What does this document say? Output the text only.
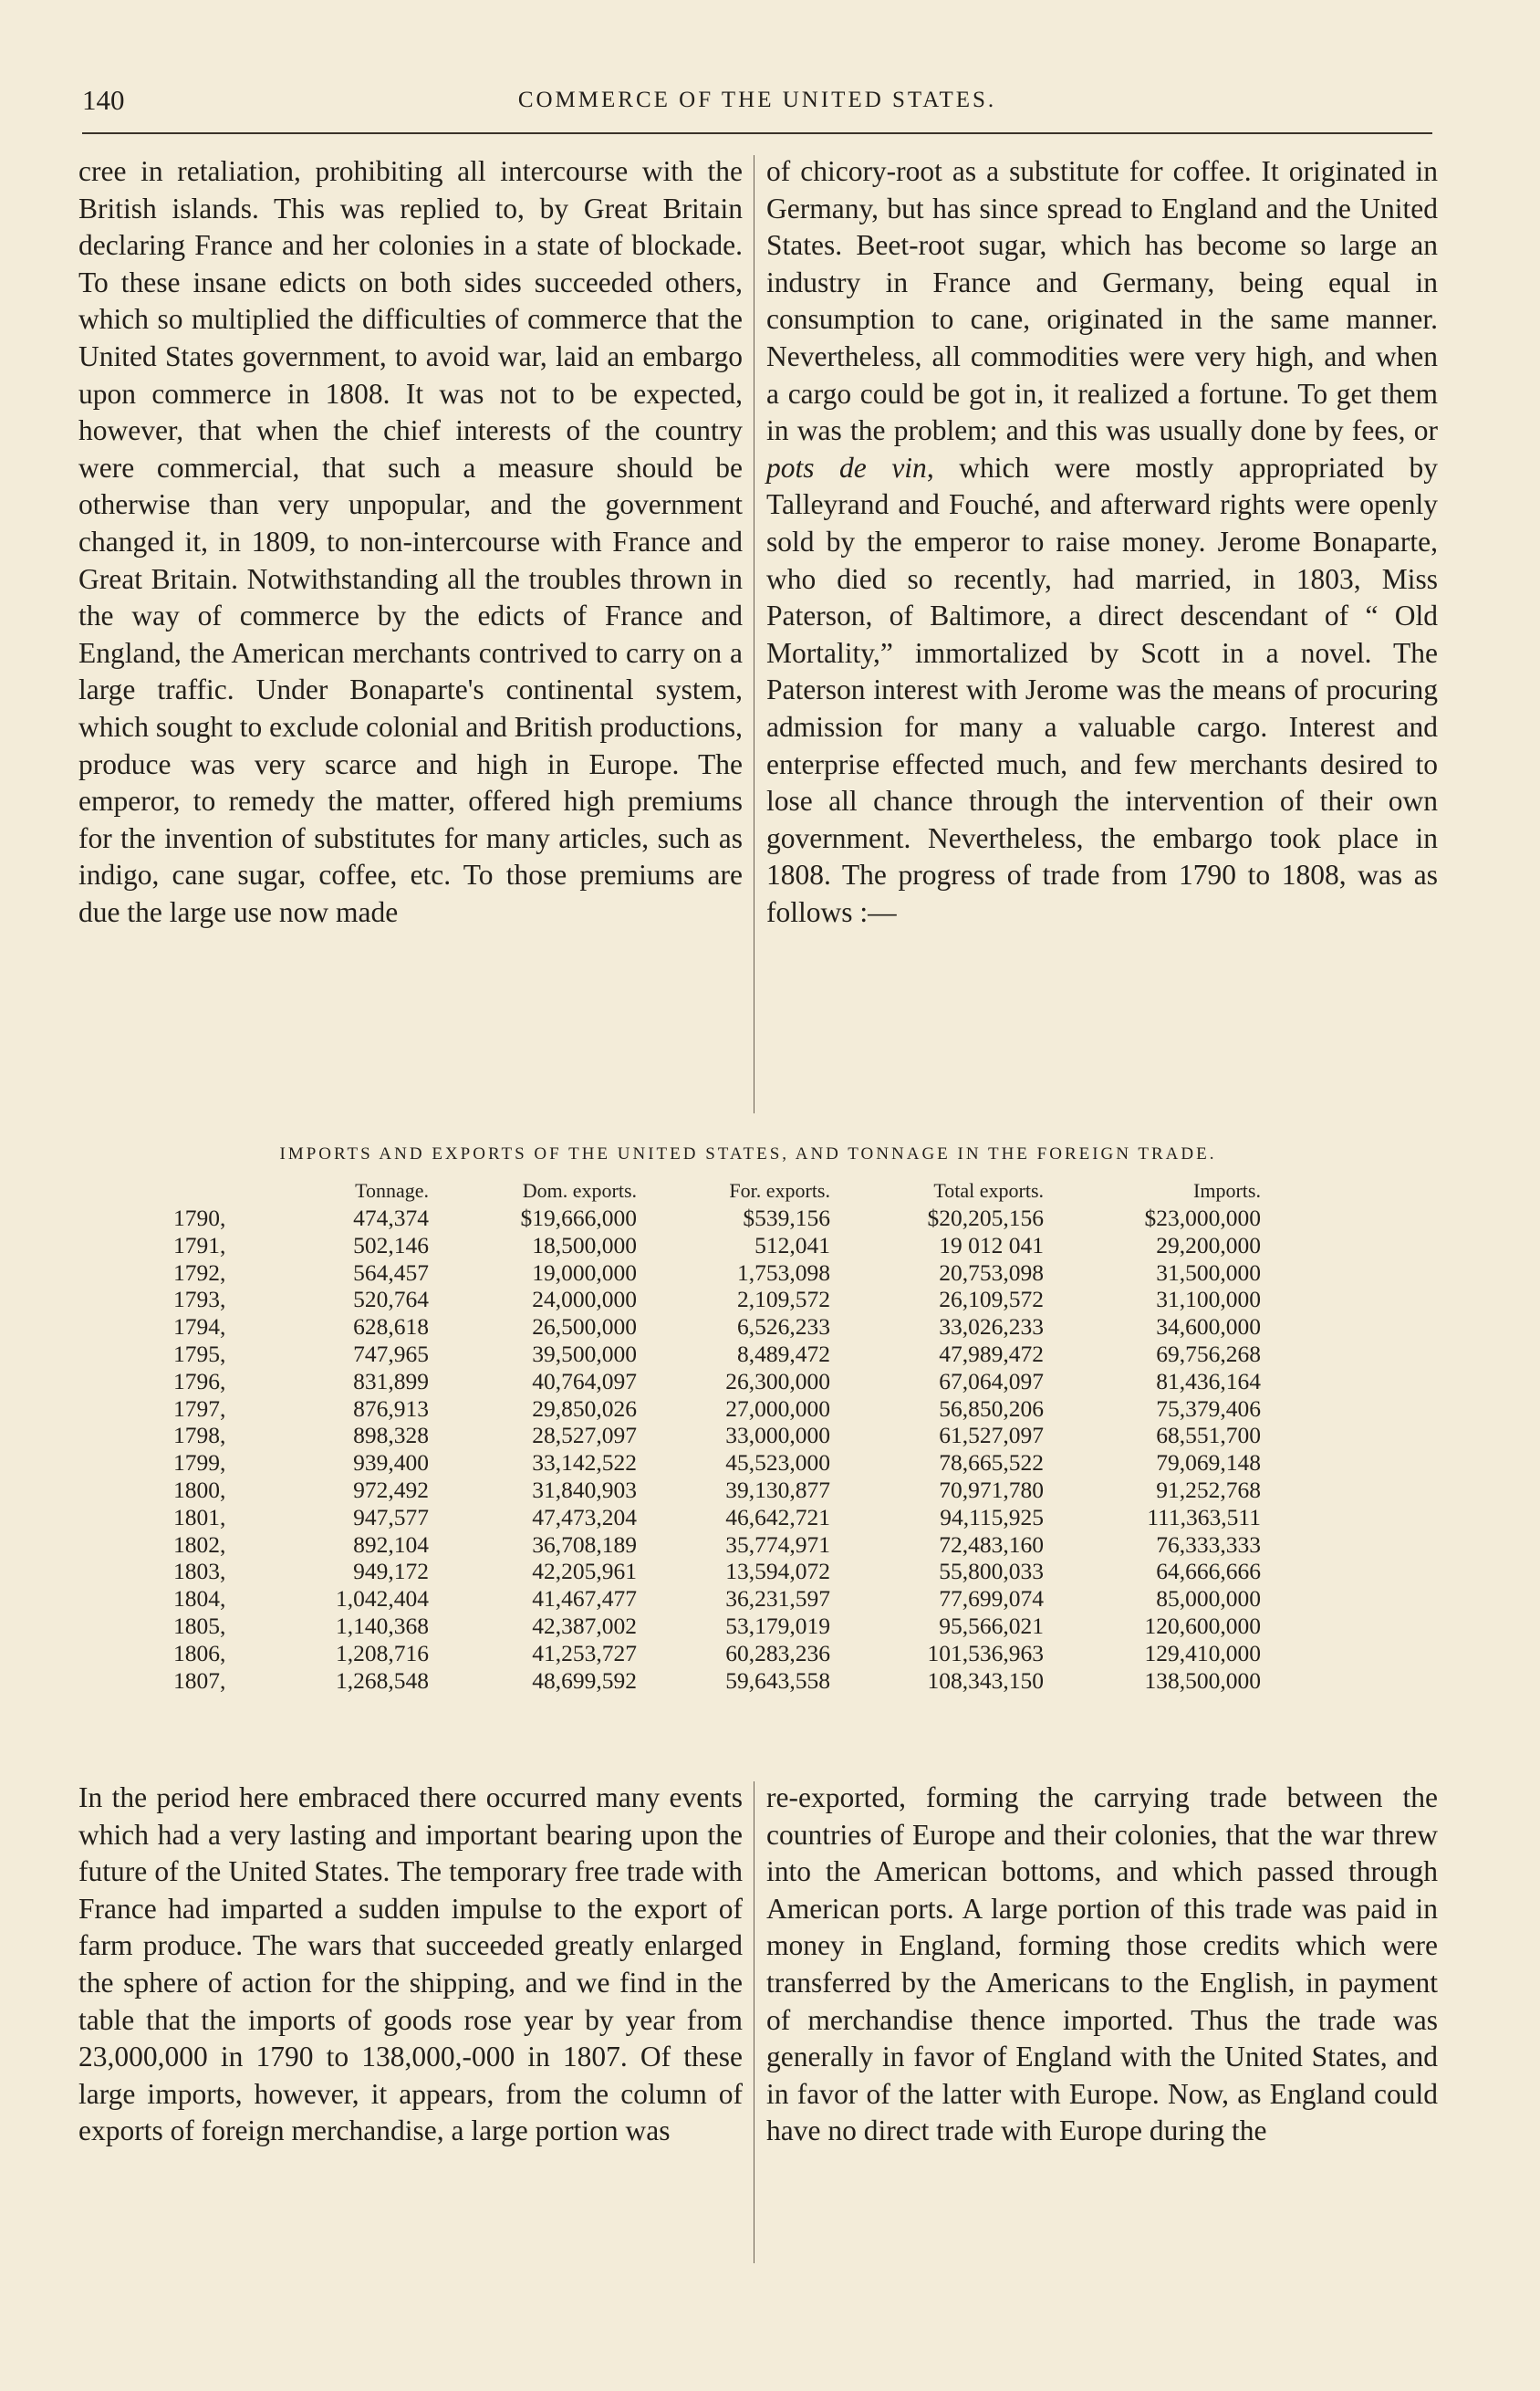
140	COMMERCE OF THE UNITED STATES.
cree in retaliation, prohibiting all intercourse with the British islands. This was replied to, by Great Britain declaring France and her colonies in a state of blockade. To these insane edicts on both sides succeeded others, which so multiplied the difficulties of commerce that the United States government, to avoid war, laid an embargo upon commerce in 1808. It was not to be expected, however, that when the chief interests of the country were commercial, that such a measure should be otherwise than very unpopular, and the government changed it, in 1809, to non-intercourse with France and Great Britain. Notwithstanding all the troubles thrown in the way of commerce by the edicts of France and England, the American merchants contrived to carry on a large traffic. Under Bonaparte's continental system, which sought to exclude colonial and British productions, produce was very scarce and high in Europe. The emperor, to remedy the matter, offered high premiums for the invention of substitutes for many articles, such as indigo, cane sugar, coffee, etc. To those premiums are due the large use now made
of chicory-root as a substitute for coffee. It originated in Germany, but has since spread to England and the United States. Beet-root sugar, which has become so large an industry in France and Germany, being equal in consumption to cane, originated in the same manner. Nevertheless, all commodities were very high, and when a cargo could be got in, it realized a fortune. To get them in was the problem; and this was usually done by fees, or pots de vin, which were mostly appropriated by Talleyrand and Fouché, and afterward rights were openly sold by the emperor to raise money. Jerome Bonaparte, who died so recently, had married, in 1803, Miss Paterson, of Baltimore, a direct descendant of “ Old Mortality,” immortalized by Scott in a novel. The Paterson interest with Jerome was the means of procuring admission for many a valuable cargo. Interest and enterprise effected much, and few merchants desired to lose all chance through the intervention of their own government. Nevertheless, the embargo took place in 1808. The progress of trade from 1790 to 1808, was as follows :—
IMPORTS AND EXPORTS OF THE UNITED STATES, AND TONNAGE IN THE FOREIGN TRADE.
	Tonnage.	Dom. exports.	For. exports.	Total exports.	Imports.
1790,	474,374	$19,666,000	$539,156	$20,205,156	$23,000,000
1791,	502,146	18,500,000	512,041	19 012 041	29,200,000
1792,	564,457	19,000,000	1,753,098	20,753,098	31,500,000
1793,	520,764	24,000,000	2,109,572	26,109,572	31,100,000
1794,	628,618	26,500,000	6,526,233	33,026,233	34,600,000
1795,	747,965	39,500,000	8,489,472	47,989,472	69,756,268
1796,	831,899	40,764,097	26,300,000	67,064,097	81,436,164
1797,	876,913	29,850,026	27,000,000	56,850,206	75,379,406
1798,	898,328	28,527,097	33,000,000	61,527,097	68,551,700
1799,	939,400	33,142,522	45,523,000	78,665,522	79,069,148
1800,	972,492	31,840,903	39,130,877	70,971,780	91,252,768
1801,	947,577	47,473,204	46,642,721	94,115,925	111,363,511
1802,	892,104	36,708,189	35,774,971	72,483,160	76,333,333
1803,	949,172	42,205,961	13,594,072	55,800,033	64,666,666
1804,	1,042,404	41,467,477	36,231,597	77,699,074	85,000,000
1805,	1,140,368	42,387,002	53,179,019	95,566,021	120,600,000
1806,	1,208,716	41,253,727	60,283,236	101,536,963	129,410,000
1807,	1,268,548	48,699,592	59,643,558	108,343,150	138,500,000
In the period here embraced there occurred many events which had a very lasting and important bearing upon the future of the United States. The temporary free trade with France had imparted a sudden impulse to the export of farm produce. The wars that succeeded greatly enlarged the sphere of action for the shipping, and we find in the table that the imports of goods rose year by year from 23,000,000 in 1790 to 138,000,-000 in 1807. Of these large imports, however, it appears, from the column of exports of foreign merchandise, a large portion was
re-exported, forming the carrying trade between the countries of Europe and their colonies, that the war threw into the American bottoms, and which passed through American ports. A large portion of this trade was paid in money in England, forming those credits which were transferred by the Americans to the English, in payment of merchandise thence imported. Thus the trade was generally in favor of England with the United States, and in favor of the latter with Europe. Now, as England could have no direct trade with Europe during the
